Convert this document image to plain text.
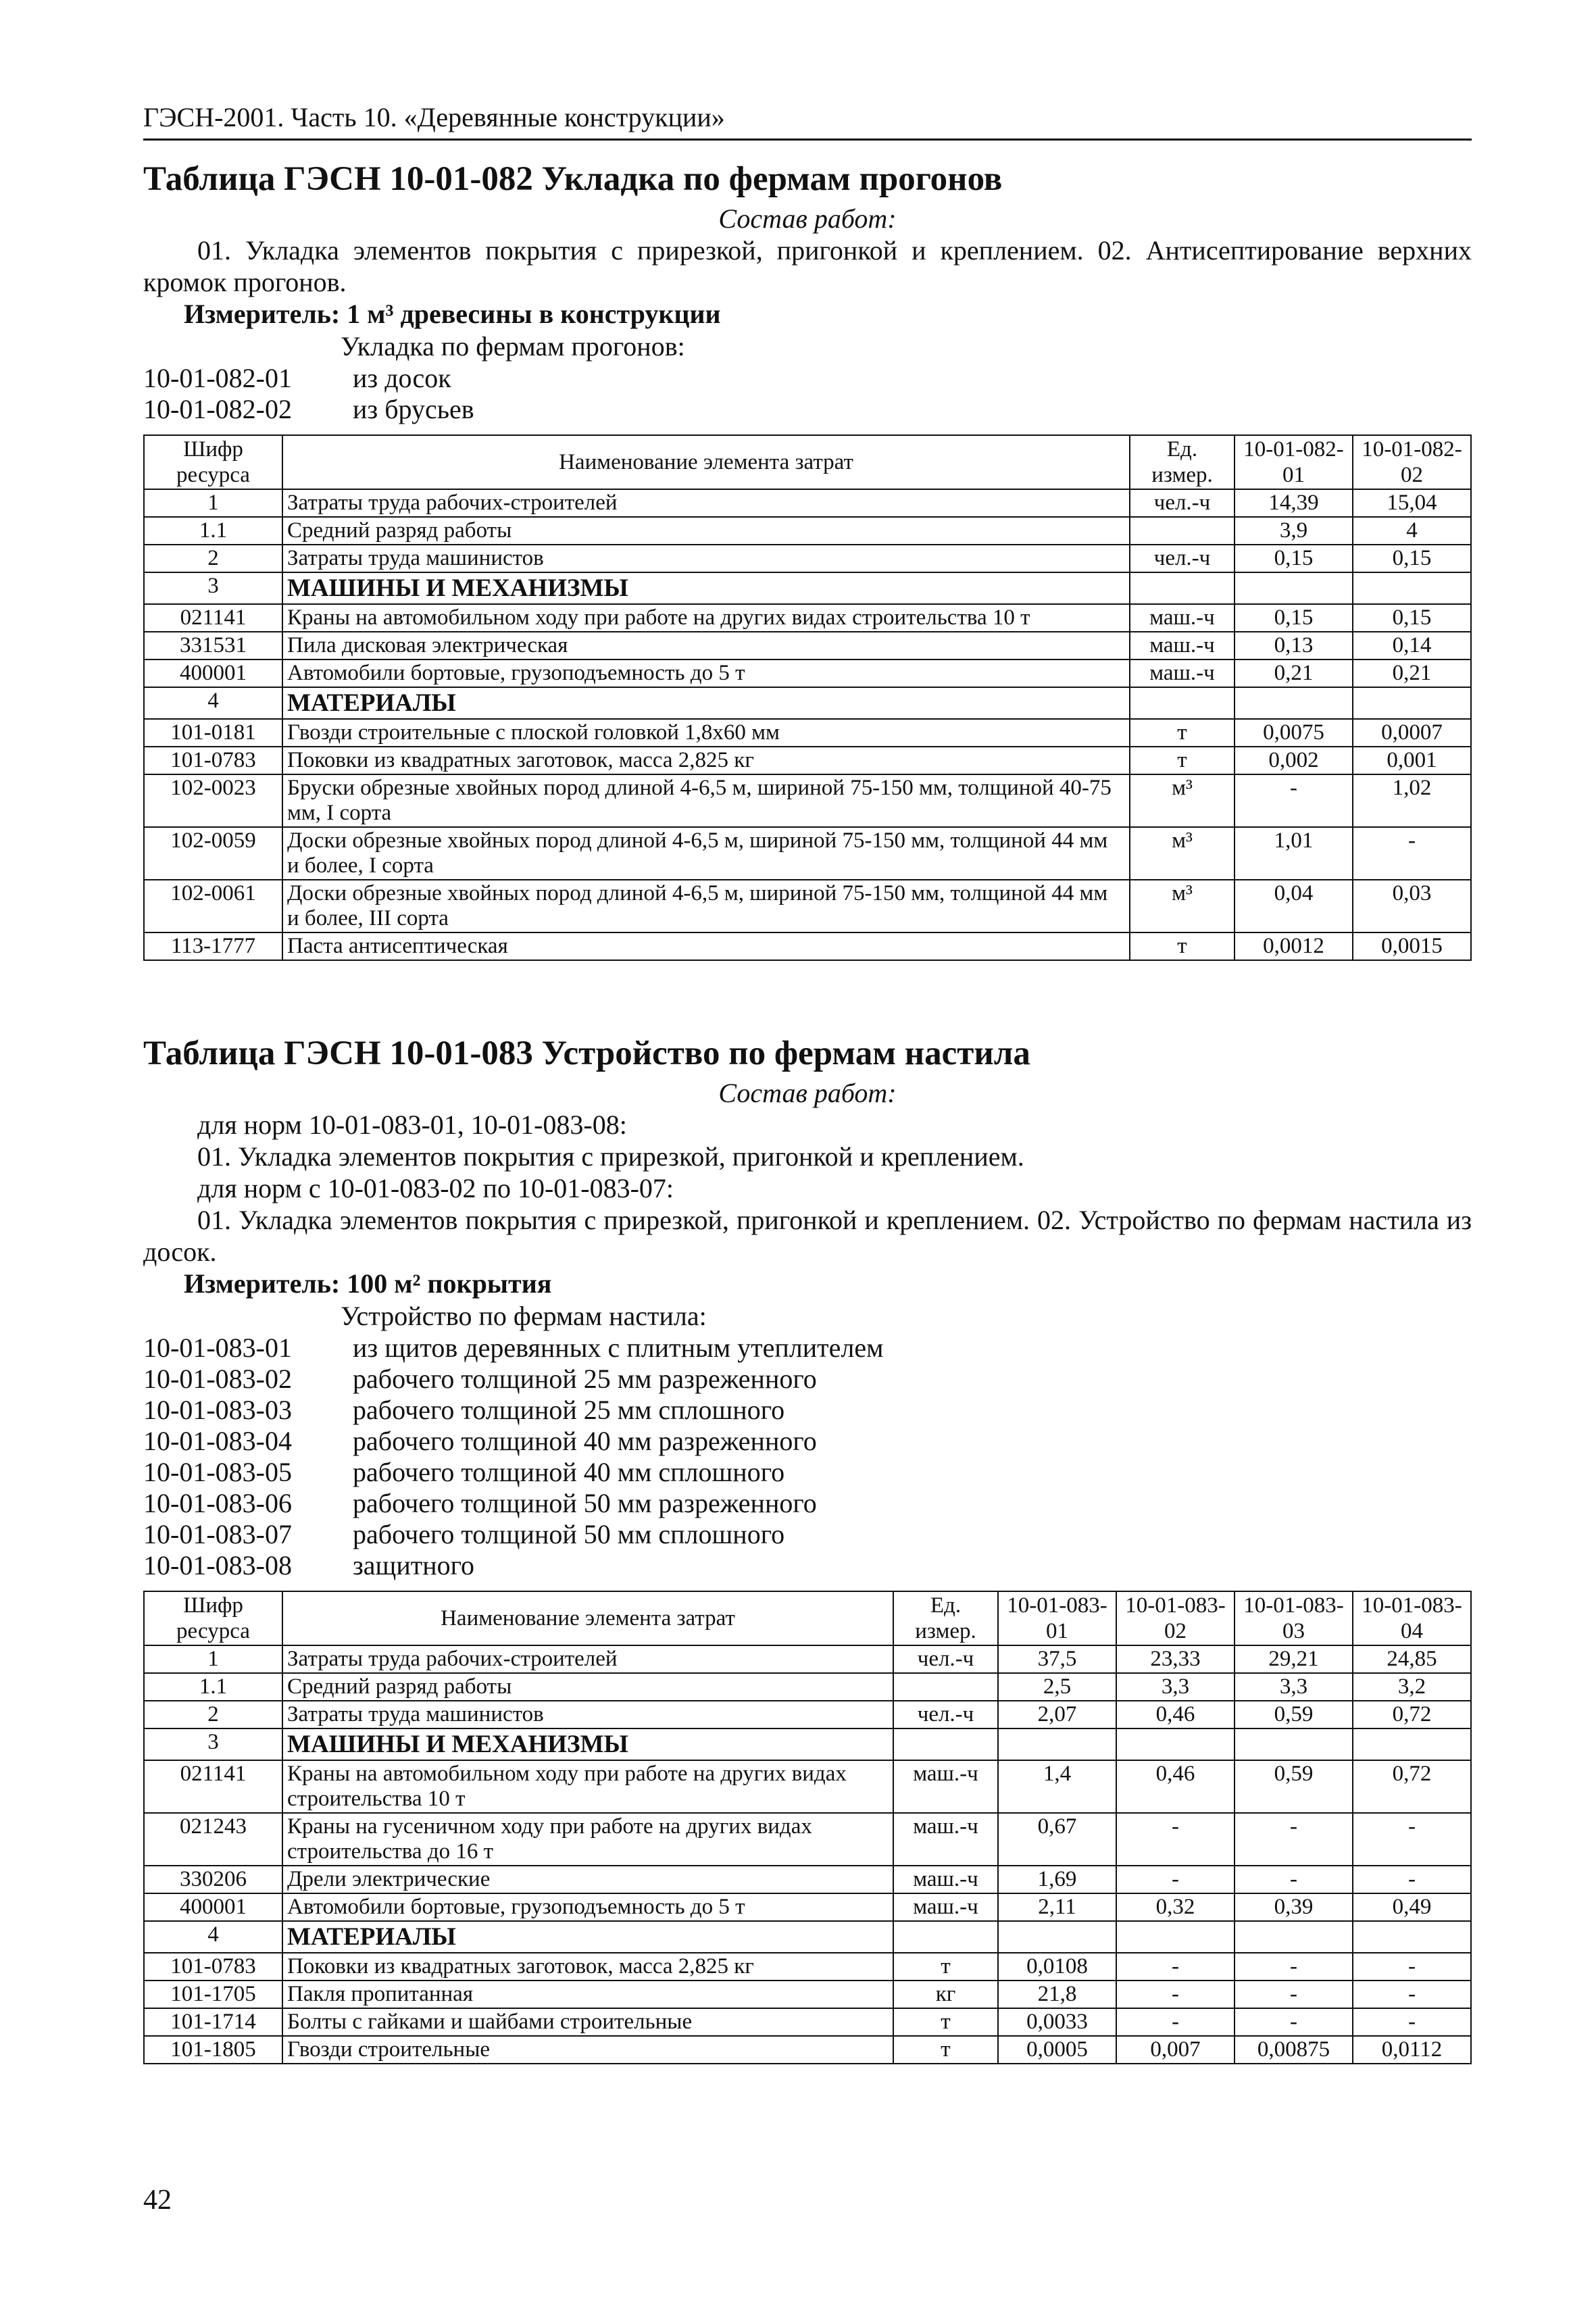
ГЭСН-2001. Часть 10. «Деревянные конструкции»
Таблица ГЭСН 10-01-082 Укладка по фермам прогонов
Состав работ:
01. Укладка элементов покрытия с прирезкой, пригонкой и креплением. 02. Антисептирование верхних кромок прогонов.
Измеритель: 1 м³ древесины в конструкции
Укладка по фермам прогонов:
10-01-082-01	из досок
10-01-082-02	из брусьев
Шифр ресурса	Наименование элемента затрат	Ед. измер.	10-01-082-01	10-01-082-02
1	Затраты труда рабочих-строителей	чел.-ч	14,39	15,04
1.1	Средний разряд работы		3,9	4
2	Затраты труда машинистов	чел.-ч	0,15	0,15
3	МАШИНЫ И МЕХАНИЗМЫ			
021141	Краны на автомобильном ходу при работе на других видах строительства 10 т	маш.-ч	0,15	0,15
331531	Пила дисковая электрическая	маш.-ч	0,13	0,14
400001	Автомобили бортовые, грузоподъемность до 5 т	маш.-ч	0,21	0,21
4	МАТЕРИАЛЫ			
101-0181	Гвозди строительные с плоской головкой 1,8x60 мм	т	0,0075	0,0007
101-0783	Поковки из квадратных заготовок, масса 2,825 кг	т	0,002	0,001
102-0023	Бруски обрезные хвойных пород длиной 4-6,5 м, шириной 75-150 мм, толщиной 40-75 мм, I сорта	м³	-	1,02
102-0059	Доски обрезные хвойных пород длиной 4-6,5 м, шириной 75-150 мм, толщиной 44 мм и более, I сорта	м³	1,01	-
102-0061	Доски обрезные хвойных пород длиной 4-6,5 м, шириной 75-150 мм, толщиной 44 мм и более, III сорта	м³	0,04	0,03
113-1777	Паста антисептическая	т	0,0012	0,0015
Таблица ГЭСН 10-01-083 Устройство по фермам настила
Состав работ:
для норм 10-01-083-01, 10-01-083-08:
01. Укладка элементов покрытия с прирезкой, пригонкой и креплением.
для норм с 10-01-083-02 по 10-01-083-07:
01. Укладка элементов покрытия с прирезкой, пригонкой и креплением. 02. Устройство по фермам настила из досок.
Измеритель: 100 м² покрытия
Устройство по фермам настила:
10-01-083-01	из щитов деревянных с плитным утеплителем
10-01-083-02	рабочего толщиной 25 мм разреженного
10-01-083-03	рабочего толщиной 25 мм сплошного
10-01-083-04	рабочего толщиной 40 мм разреженного
10-01-083-05	рабочего толщиной 40 мм сплошного
10-01-083-06	рабочего толщиной 50 мм разреженного
10-01-083-07	рабочего толщиной 50 мм сплошного
10-01-083-08	защитного
Шифр ресурса	Наименование элемента затрат	Ед. измер.	10-01-083-01	10-01-083-02	10-01-083-03	10-01-083-04
1	Затраты труда рабочих-строителей	чел.-ч	37,5	23,33	29,21	24,85
1.1	Средний разряд работы		2,5	3,3	3,3	3,2
2	Затраты труда машинистов	чел.-ч	2,07	0,46	0,59	0,72
3	МАШИНЫ И МЕХАНИЗМЫ					
021141	Краны на автомобильном ходу при работе на других видах строительства 10 т	маш.-ч	1,4	0,46	0,59	0,72
021243	Краны на гусеничном ходу при работе на других видах строительства до 16 т	маш.-ч	0,67	-	-	-
330206	Дрели электрические	маш.-ч	1,69	-	-	-
400001	Автомобили бортовые, грузоподъемность до 5 т	маш.-ч	2,11	0,32	0,39	0,49
4	МАТЕРИАЛЫ					
101-0783	Поковки из квадратных заготовок, масса 2,825 кг	т	0,0108	-	-	-
101-1705	Пакля пропитанная	кг	21,8	-	-	-
101-1714	Болты с гайками и шайбами строительные	т	0,0033	-	-	-
101-1805	Гвозди строительные	т	0,0005	0,007	0,00875	0,0112
42
